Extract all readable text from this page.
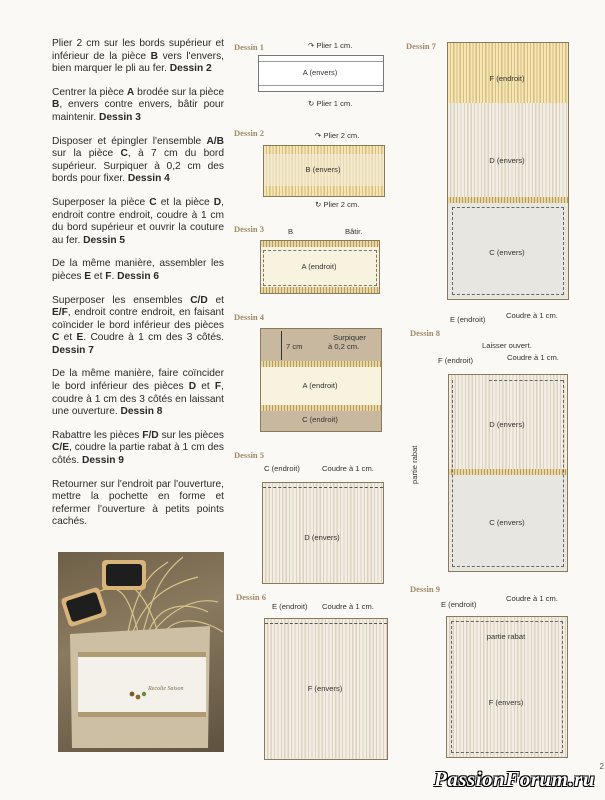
Plier 2 cm sur les bords supérieur et inférieur de la pièce B vers l'envers, bien marquer le pli au fer. Dessin 2

Centrer la pièce A brodée sur la pièce B, envers contre envers, bâtir pour maintenir. Dessin 3

Disposer et épingler l'ensemble A/B sur la pièce C, à 7 cm du bord supérieur. Surpiquer à 0,2 cm des bords pour fixer. Dessin 4

Superposer la pièce C et la pièce D, endroit contre endroit, coudre à 1 cm du bord supérieur et ouvrir la couture au fer. Dessin 5

De la même manière, assembler les pièces E et F. Dessin 6

Superposer les ensembles C/D et E/F, endroit contre endroit, en faisant coïncider le bord inférieur des pièces C et E. Coudre à 1 cm des 3 côtés. Dessin 7

De la même manière, faire coïncider le bord inférieur des pièces D et F, coudre à 1 cm des 3 côtés en laissant une ouverture. Dessin 8

Rabattre les pièces F/D sur les pièces C/E, coudre la partie rabat à 1 cm des côtés. Dessin 9

Retourner sur l'endroit par l'ouverture, mettre la pochette en forme et refermer l'ouverture à petits points cachés.

Recolte Saison
Dessin 1	↷ Plier 1 cm.
A (envers)
↻ Plier 1 cm.
Dessin 2	↷ Plier 2 cm.
B (envers)
↻ Plier 2 cm.
Dessin 3	B	Bâtir.
A (endroit)
Dessin 4
7 cm
Surpiquer
à 0,2 cm.
A (endroit)
C (endroit)
Dessin 5
C (endroit)	Coudre à 1 cm.
D (envers)
Dessin 6
E (endroit) Coudre à 1 cm.
F (envers)
Dessin 7
F (endroit)
D (envers)
C (envers)
E (endroit)	Coudre à 1 cm.
Dessin 8
Laisser ouvert.
F (endroit)	Coudre à 1 cm.
D (envers)
partie rabat
C (envers)
Dessin 9
Coudre à 1 cm.
E (endroit)
partie rabat
F (envers)
2
PassionForum.ru
